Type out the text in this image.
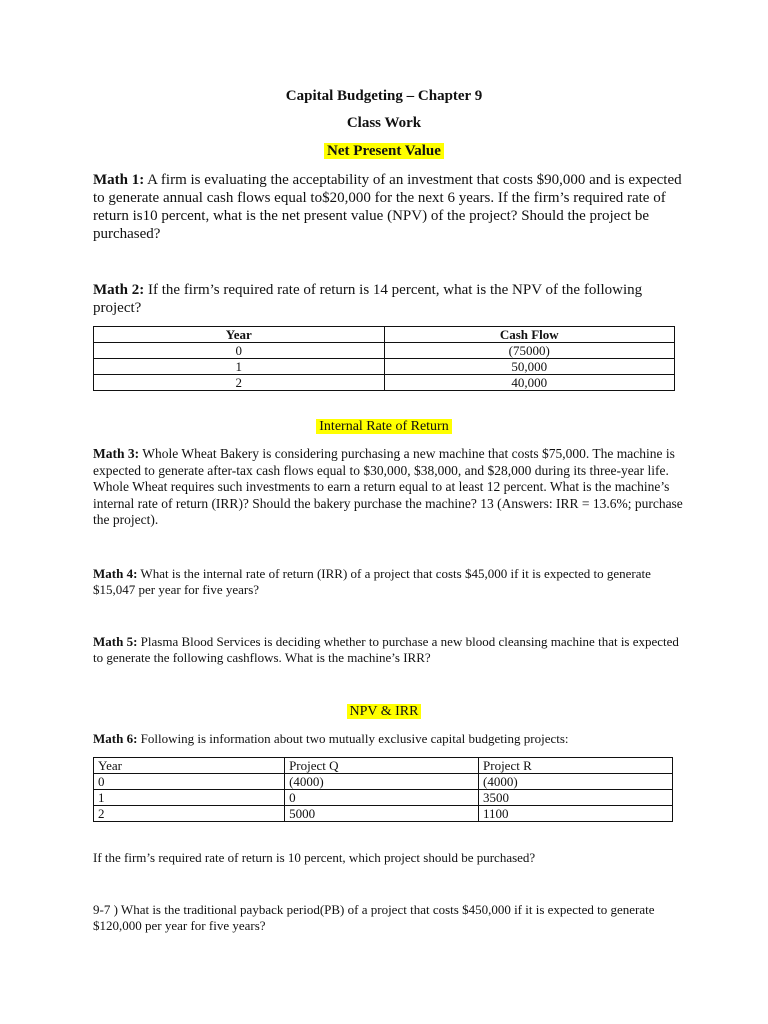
Capital Budgeting – Chapter 9
Class Work
Net Present Value
Math 1: A firm is evaluating the acceptability of an investment that costs $90,000 and is expected to generate annual cash flows equal to$20,000 for the next 6 years. If the firm’s required rate of return is10 percent, what is the net present value (NPV) of the project? Should the project be purchased?
Math 2: If the firm’s required rate of return is 14 percent, what is the NPV of the following project?
Year	Cash Flow
0	(75000)
1	50,000
2	40,000
Internal Rate of Return
Math 3: Whole Wheat Bakery is considering purchasing a new machine that costs $75,000. The machine is expected to generate after-tax cash flows equal to $30,000, $38,000, and $28,000 during its three-year life. Whole Wheat requires such investments to earn a return equal to at least 12 percent. What is the machine’s internal rate of return (IRR)? Should the bakery purchase the machine? 13 (Answers: IRR = 13.6%; purchase the project).
Math 4: What is the internal rate of return (IRR) of a project that costs $45,000 if it is expected to generate $15,047 per year for five years?
Math 5: Plasma Blood Services is deciding whether to purchase a new blood cleansing machine that is expected to generate the following cashflows. What is the machine’s IRR?
NPV & IRR
Math 6: Following is information about two mutually exclusive capital budgeting projects:
Year	Project Q	Project R
0	(4000)	(4000)
1	0	3500
2	5000	1100
If the firm’s required rate of return is 10 percent, which project should be purchased?
9-7 ) What is the traditional payback period(PB) of a project that costs $450,000 if it is expected to generate $120,000 per year for five years?
